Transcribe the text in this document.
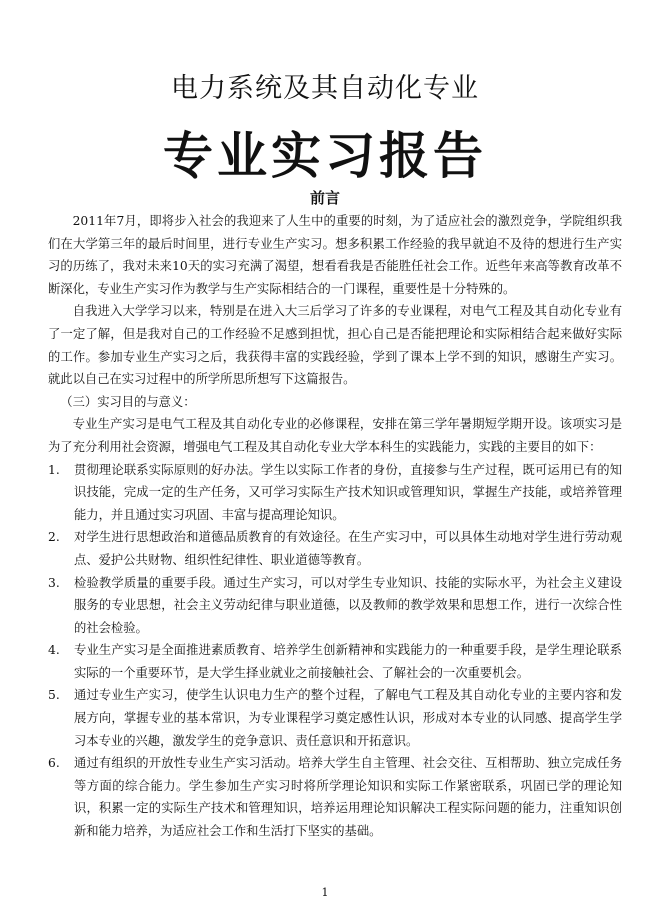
电力系统及其自动化专业
专业实习报告
前言

2011年7月，即将步入社会的我迎来了人生中的重要的时刻，为了适应社会的激烈竞争，学院组织我们在大学第三年的最后时间里，进行专业生产实习。想多积累工作经验的我早就迫不及待的想进行生产实习的历练了，我对未来10天的实习充满了渴望，想看看我是否能胜任社会工作。近些年来高等教育改革不断深化，专业生产实习作为教学与生产实际相结合的一门课程，重要性是十分特殊的。

自我进入大学学习以来，特别是在进入大三后学习了许多的专业课程，对电气工程及其自动化专业有了一定了解，但是我对自己的工作经验不足感到担忧，担心自己是否能把理论和实际相结合起来做好实际的工作。参加专业生产实习之后，我获得丰富的实践经验，学到了课本上学不到的知识，感谢生产实习。就此以自己在实习过程中的所学所思所想写下这篇报告。

（三）实习目的与意义：

专业生产实习是电气工程及其自动化专业的必修课程，安排在第三学年暑期短学期开设。该项实习是为了充分利用社会资源，增强电气工程及其自动化专业大学本科生的实践能力，实践的主要目的如下：

1. 贯彻理论联系实际原则的好办法。学生以实际工作者的身份，直接参与生产过程，既可运用已有的知识技能，完成一定的生产任务，又可学习实际生产技术知识或管理知识，掌握生产技能，或培养管理能力，并且通过实习巩固、丰富与提高理论知识。
2. 对学生进行思想政治和道德品质教育的有效途径。在生产实习中，可以具体生动地对学生进行劳动观点、爱护公共财物、组织性纪律性、职业道德等教育。
3. 检验教学质量的重要手段。通过生产实习，可以对学生专业知识、技能的实际水平，为社会主义建设服务的专业思想，社会主义劳动纪律与职业道德，以及教师的教学效果和思想工作，进行一次综合性的社会检验。
4. 专业生产实习是全面推进素质教育、培养学生创新精神和实践能力的一种重要手段，是学生理论联系实际的一个重要环节，是大学生择业就业之前接触社会、了解社会的一次重要机会。
5. 通过专业生产实习，使学生认识电力生产的整个过程，了解电气工程及其自动化专业的主要内容和发展方向，掌握专业的基本常识，为专业课程学习奠定感性认识，形成对本专业的认同感、提高学生学习本专业的兴趣，激发学生的竞争意识、责任意识和开拓意识。
6. 通过有组织的开放性专业生产实习活动。培养大学生自主管理、社会交往、互相帮助、独立完成任务等方面的综合能力。学生参加生产实习时将所学理论知识和实际工作紧密联系，巩固已学的理论知识，积累一定的实际生产技术和管理知识，培养运用理论知识解决工程实际问题的能力，注重知识创新和能力培养，为适应社会工作和生活打下坚实的基础。
1
